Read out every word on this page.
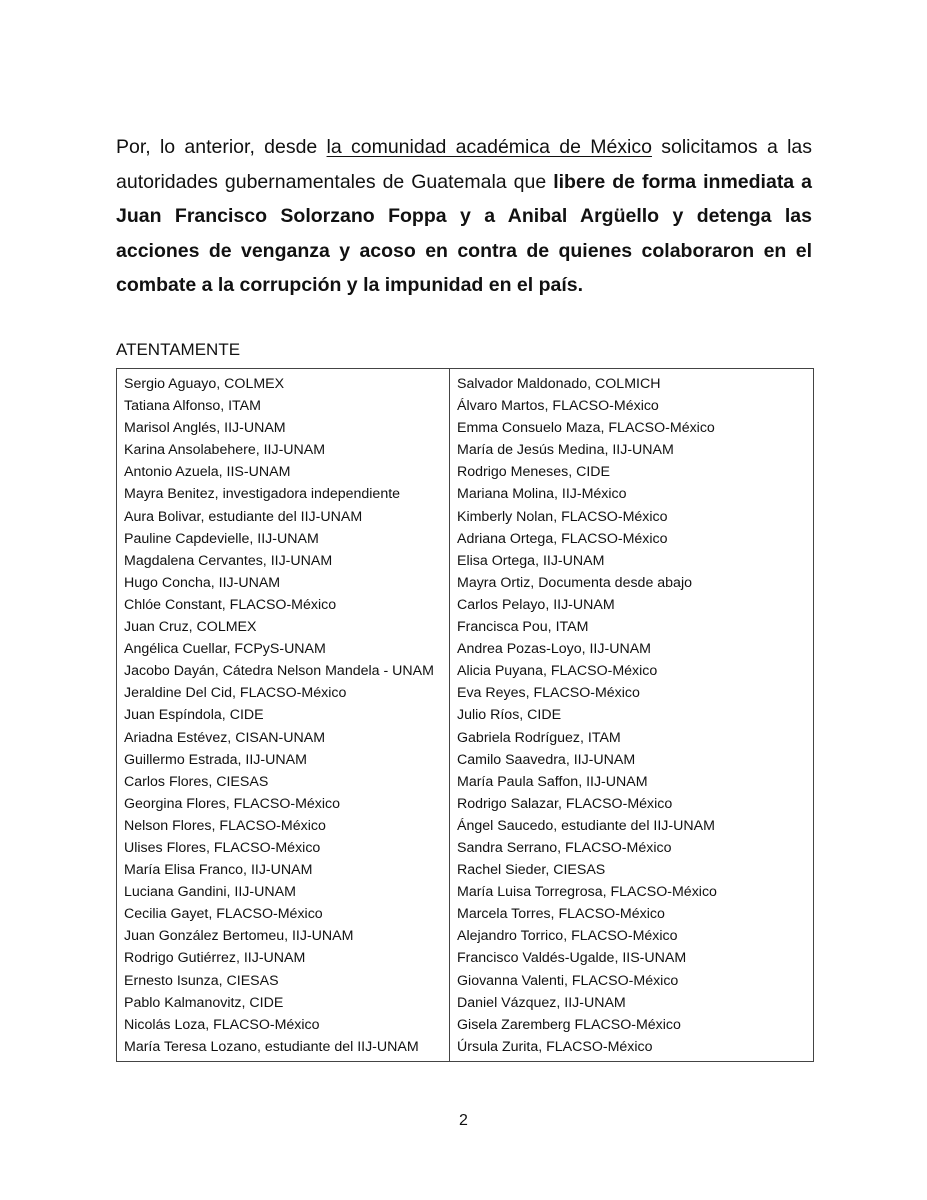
Por, lo anterior, desde la comunidad académica de México solicitamos a las autoridades gubernamentales de Guatemala que libere de forma inmediata a Juan Francisco Solorzano Foppa y a Anibal Argüello y detenga las acciones de venganza y acoso en contra de quienes colaboraron en el combate a la corrupción y la impunidad en el país.

ATENTAMENTE

Sergio Aguayo, COLMEX
Tatiana Alfonso, ITAM
Marisol Anglés, IIJ-UNAM
Karina Ansolabehere, IIJ-UNAM
Antonio Azuela, IIS-UNAM
Mayra Benitez, investigadora independiente
Aura Bolivar, estudiante del IIJ-UNAM
Pauline Capdevielle, IIJ-UNAM
Magdalena Cervantes, IIJ-UNAM
Hugo Concha, IIJ-UNAM
Chlóe Constant, FLACSO-México
Juan Cruz, COLMEX
Angélica Cuellar, FCPyS-UNAM
Jacobo Dayán, Cátedra Nelson Mandela - UNAM
Jeraldine Del Cid, FLACSO-México
Juan Espíndola, CIDE
Ariadna Estévez, CISAN-UNAM
Guillermo Estrada, IIJ-UNAM
Carlos Flores, CIESAS
Georgina Flores, FLACSO-México
Nelson Flores, FLACSO-México
Ulises Flores, FLACSO-México
María Elisa Franco, IIJ-UNAM
Luciana Gandini, IIJ-UNAM
Cecilia Gayet, FLACSO-México
Juan González Bertomeu, IIJ-UNAM
Rodrigo Gutiérrez, IIJ-UNAM
Ernesto Isunza, CIESAS
Pablo Kalmanovitz, CIDE
Nicolás Loza, FLACSO-México
María Teresa Lozano, estudiante del IIJ-UNAM
Salvador Maldonado, COLMICH
Álvaro Martos, FLACSO-México
Emma Consuelo Maza, FLACSO-México
María de Jesús Medina, IIJ-UNAM
Rodrigo Meneses, CIDE
Mariana Molina, IIJ-México
Kimberly Nolan, FLACSO-México
Adriana Ortega, FLACSO-México
Elisa Ortega, IIJ-UNAM
Mayra Ortiz, Documenta desde abajo
Carlos Pelayo, IIJ-UNAM
Francisca Pou, ITAM
Andrea Pozas-Loyo, IIJ-UNAM
Alicia Puyana, FLACSO-México
Eva Reyes, FLACSO-México
Julio Ríos, CIDE
Gabriela Rodríguez, ITAM
Camilo Saavedra, IIJ-UNAM
María Paula Saffon, IIJ-UNAM
Rodrigo Salazar, FLACSO-México
Ángel Saucedo, estudiante del IIJ-UNAM
Sandra Serrano, FLACSO-México
Rachel Sieder, CIESAS
María Luisa Torregrosa, FLACSO-México
Marcela Torres, FLACSO-México
Alejandro Torrico, FLACSO-México
Francisco Valdés-Ugalde, IIS-UNAM
Giovanna Valenti, FLACSO-México
Daniel Vázquez, IIJ-UNAM
Gisela Zaremberg FLACSO-México
Úrsula Zurita, FLACSO-México
2
